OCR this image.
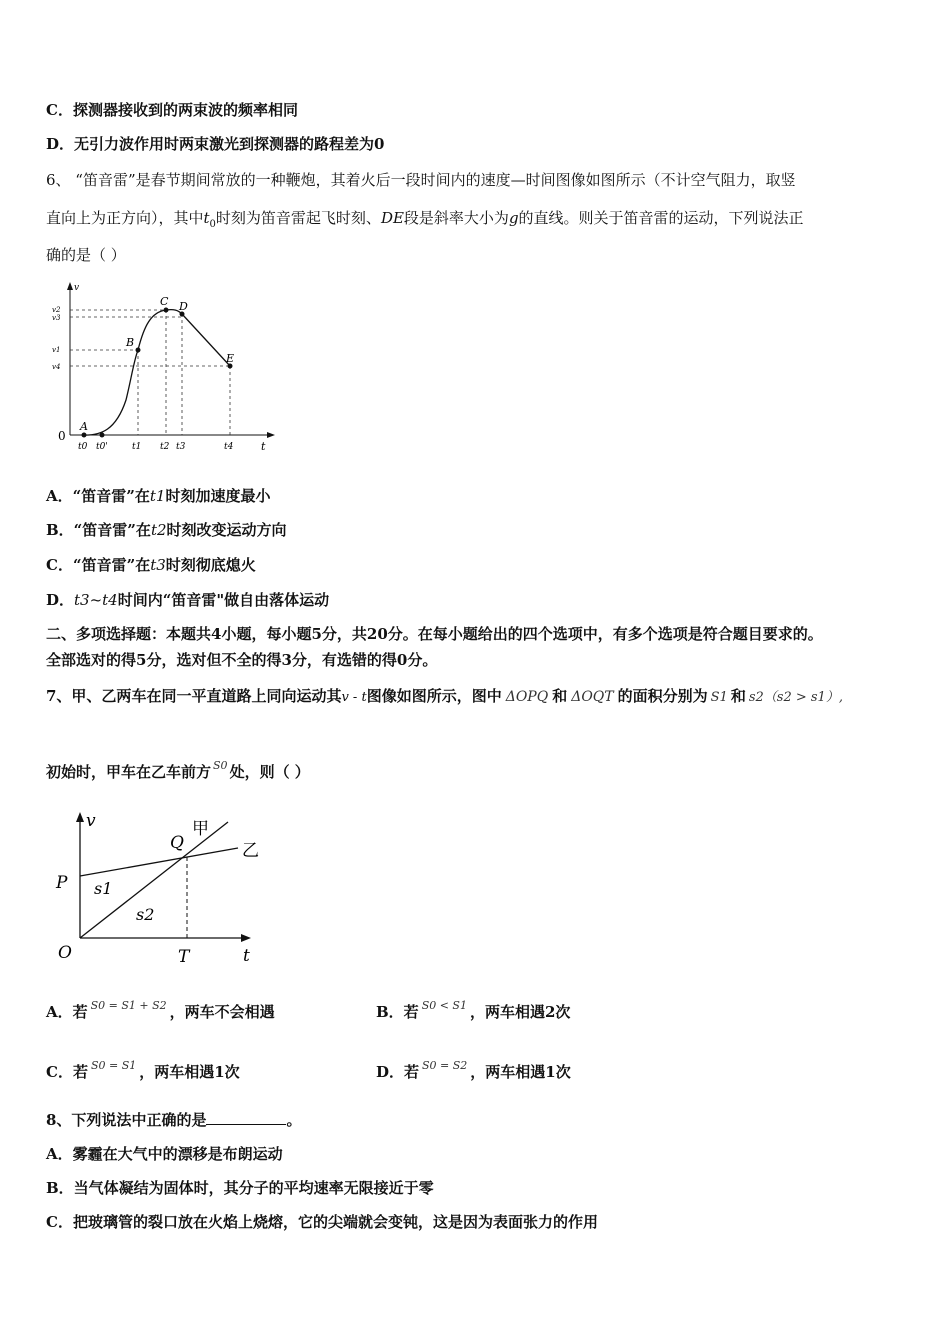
C．探测器接收到的两束波的频率相同
D．无引力波作用时两束激光到探测器的路程差为0
6、 “笛音雷”是春节期间常放的一种鞭炮，其着火后一段时间内的速度—时间图像如图所示（不计空气阻力，取竖
直向上为正方向），其中$t_0$时刻为笛音雷起飞时刻、DE段是斜率大小为g的直线。则关于笛音雷的运动，下列说法正
确的是（ ）
v
t
0
A
B
C D
E
v2
v3
v1
v4
t0 t0'	t1 t2 t3	t4
A．“笛音雷”在t1时刻加速度最小
B．“笛音雷”在t2时刻改变运动方向
C．“笛音雷”在t3时刻彻底熄火
D．t3~t4时间内“笛音雷"做自由落体运动
二、多项选择题：本题共4小题，每小题5分，共20分。在每小题给出的四个选项中，有多个选项是符合题目要求的。
全部选对的得5分，选对但不全的得3分，有选错的得0分。
7、甲、乙两车在同一平直道路上同向运动其v - t图像如图所示，图中 ΔOPQ 和 ΔOQT 的面积分别为 S1 和 s2（s2 > s1）,
初始时，甲车在乙车前方 $^{S0}$ 处，则（ ）
v
t
O
P
Q
T
甲
乙
s1
s2
A．若 $^{S0 = S1 + S2}$ ，两车不会相遇	B．若 $^{S0 < S1}$ ，两车相遇2次
C．若 $^{S0 = S1}$ ，两车相遇1次	D．若 $^{S0 = S2}$ ，两车相遇1次
8、下列说法中正确的是	。
A．雾霾在大气中的漂移是布朗运动
B．当气体凝结为固体时，其分子的平均速率无限接近于零
C．把玻璃管的裂口放在火焰上烧熔，它的尖端就会变钝，这是因为表面张力的作用
